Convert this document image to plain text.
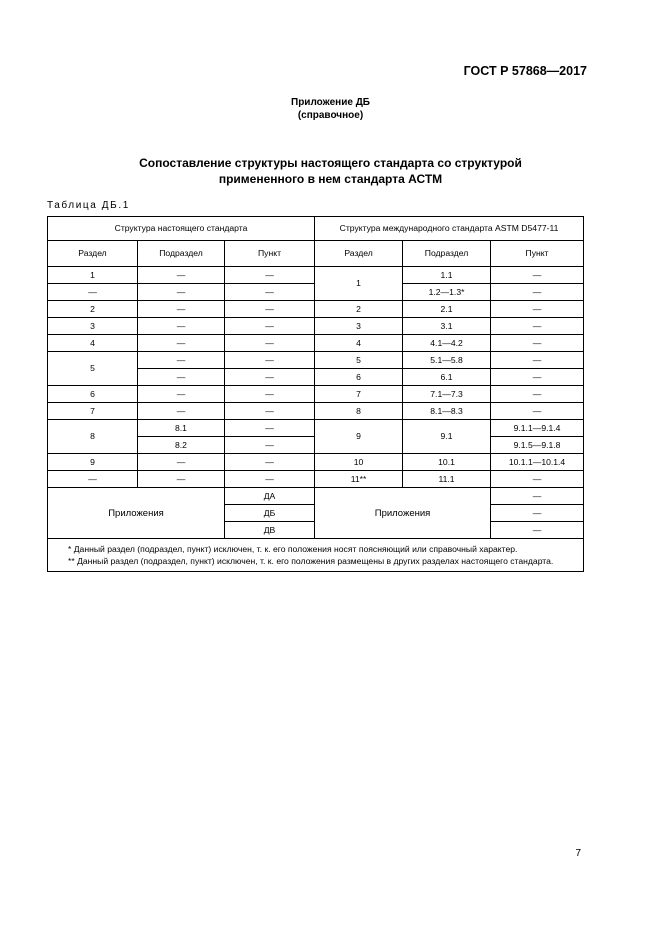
ГОСТ Р 57868—2017
Приложение ДБ
(справочное)
Сопоставление структуры настоящего стандарта со структурой
примененного в нем стандарта АСТМ
Таблица ДБ.1
Структура настоящего стандарта			Структура международного стандарта ASTM D5477-11		
Раздел	Подраздел	Пункт	Раздел	Подраздел	Пункт
1	—	—	1	1.1	—
—	—	—		1.2—1.3*	—
2	—	—	2	2.1	—
3	—	—	3	3.1	—
4	—	—	4	4.1—4.2	—
5	—	—	5	5.1—5.8	—
	—	—	6	6.1	—
6	—	—	7	7.1—7.3	—
7	—	—	8	8.1—8.3	—
8	8.1	—	9	9.1	9.1.1—9.1.4
	8.2	—			9.1.5—9.1.8
9	—	—	10	10.1	10.1.1—10.1.4
—	—	—	11**	11.1	—
Приложения		ДА	Приложения		—
		ДБ			—
		ДВ			—

* Данный раздел (подраздел, пункт) исключен, т. к. его положения носят поясняющий или справочный характер.
** Данный раздел (подраздел, пункт) исключен, т. к. его положения размещены в других разделах настоящего стандарта.					
7
